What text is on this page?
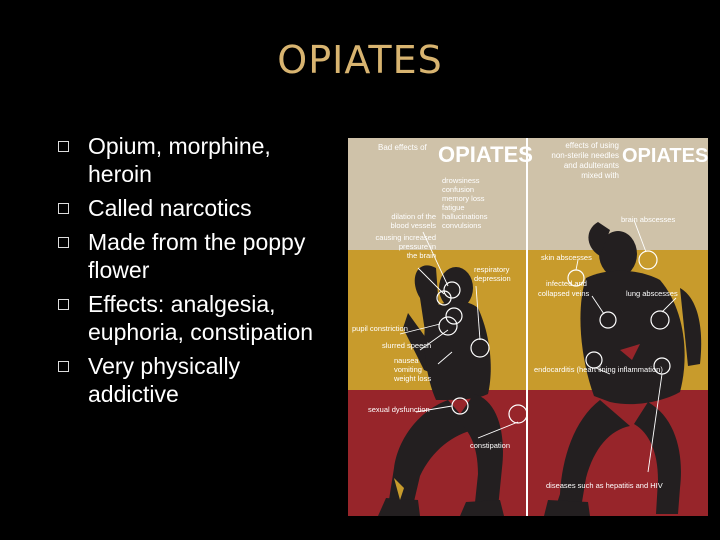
OPIATES
Opium, morphine,
heroin
Called narcotics
Made from the poppy
flower
Effects: analgesia,
euphoria, constipation
Very physically
addictive
Bad effects of OPIATES
drowsiness
confusion
memory loss
fatigue
hallucinations
convulsions
dilation of the
blood vessels
causing increased
pressure in
the brain
respiratory
depression
pupil constriction
slurred speech
nausea
vomiting
weight loss
sexual dysfunction
constipation
effects of using
non-sterile needles
and adulterants
mixed with
OPIATES
brain abscesses
skin abscesses
infected and
collapsed veins	lung abscesses
endocarditis (heart lining inflammation)
diseases such as hepatitis and HIV
